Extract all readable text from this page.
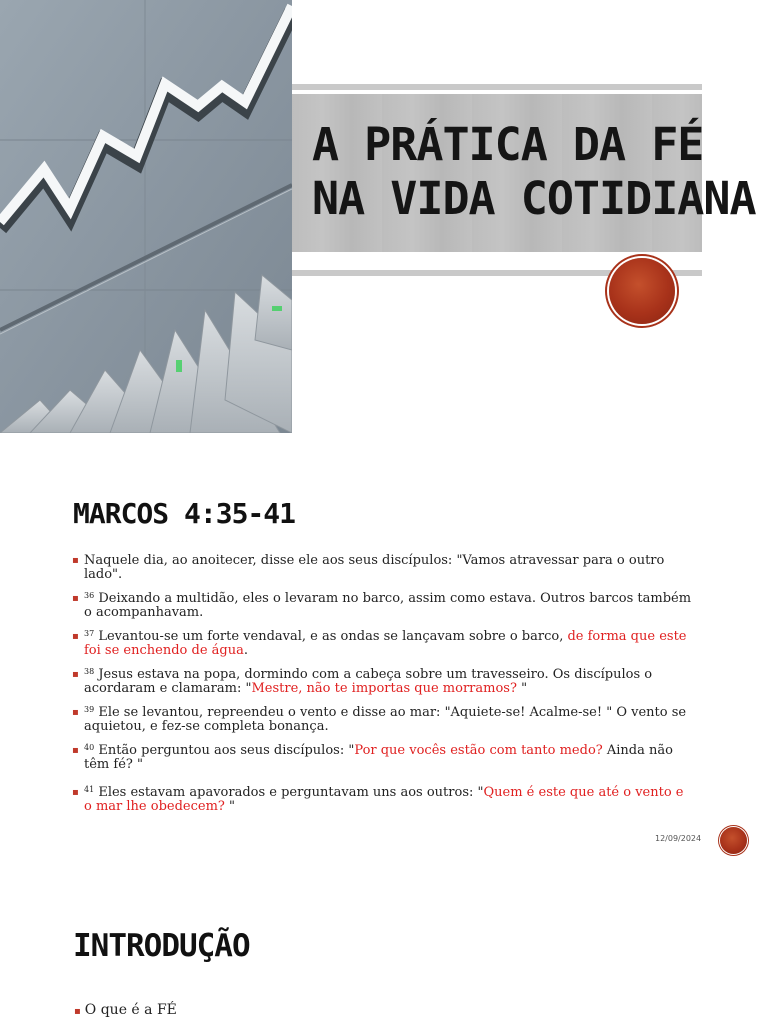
A PRÁTICA DA FÉ
NA VIDA COTIDIANA
MARCOS 4:35-41
▪ Naquele dia, ao anoitecer, disse ele aos seus discípulos: "Vamos atravessar para o outro lado".
▪ $^{36}$ Deixando a multidão, eles o levaram no barco, assim como estava. Outros barcos também o acompanhavam.
▪ $^{37}$ Levantou-se um forte vendaval, e as ondas se lançavam sobre o barco, de forma que este foi se enchendo de água.
▪ $^{38}$ Jesus estava na popa, dormindo com a cabeça sobre um travesseiro. Os discípulos o acordaram e clamaram: "Mestre, não te importas que morramos? "
▪ $^{39}$ Ele se levantou, repreendeu o vento e disse ao mar: "Aquiete-se! Acalme-se! " O vento se aquietou, e fez-se completa bonança.
▪ $^{40}$ Então perguntou aos seus discípulos: "Por que vocês estão com tanto medo? Ainda não têm fé? "
▪ $^{41}$ Eles estavam apavorados e perguntavam uns aos outros: "Quem é este que até o vento e o mar lhe obedecem? "
12/09/2024
INTRODUÇÃO
▪ O que é a FÉ
